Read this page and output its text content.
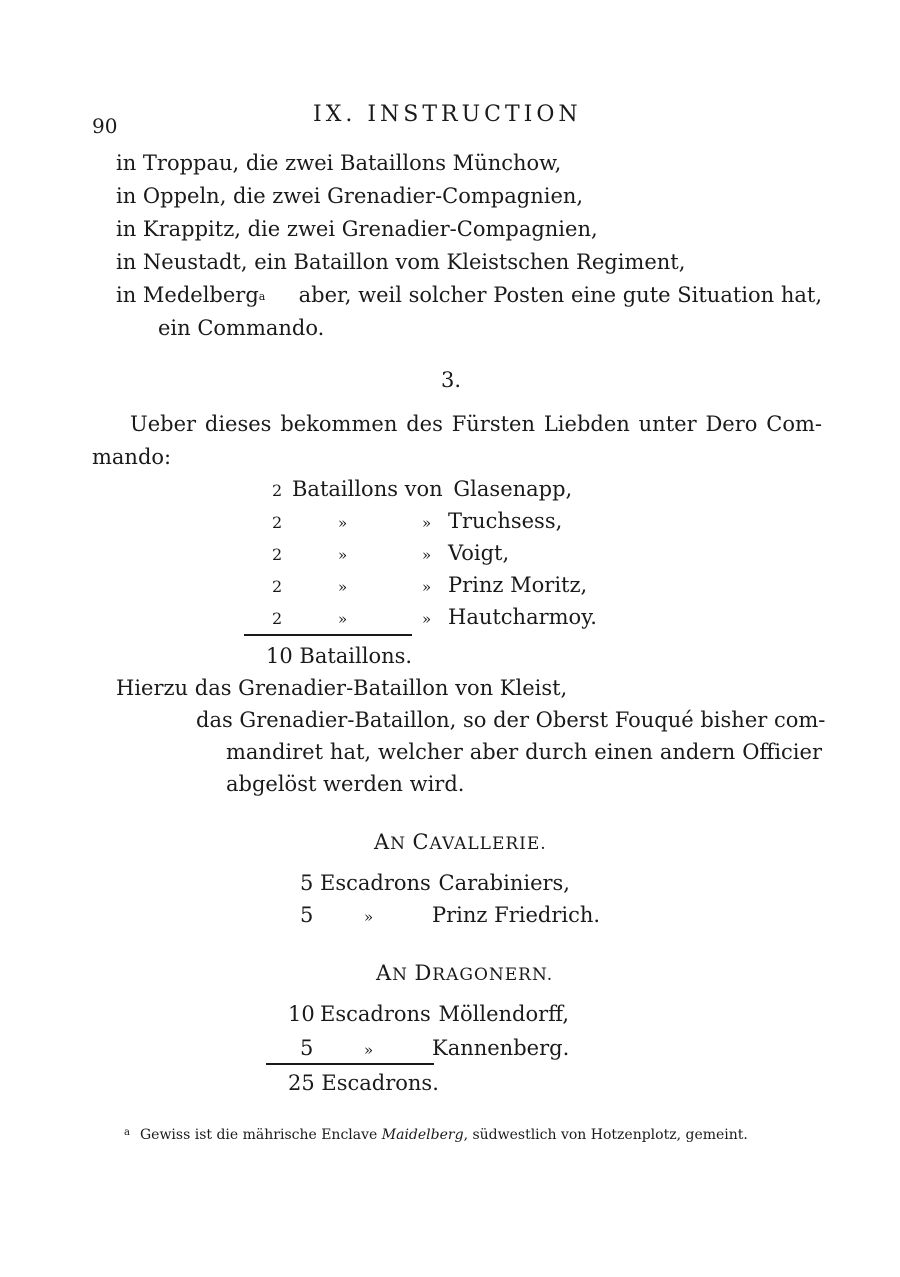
90	IX. INSTRUCTION
in Troppau, die zwei Bataillons Münchow,
in Oppeln, die zwei Grenadier-Compagnien,
in Krappitz, die zwei Grenadier-Compagnien,
in Neustadt, ein Bataillon vom Kleistschen Regiment,
in Medelberg$^a$ aber, weil solcher Posten eine gute Situation hat,
ein Commando.
3.
Ueber dieses bekommen des Fürsten Liebden unter Dero Com-
mando:
2 Bataillons von Glasenapp,
2	»	» Truchsess,
2	»	» Voigt,
2	»	» Prinz Moritz,
2	»	» Hautcharmoy.
10 Bataillons.
Hierzu das Grenadier-Bataillon von Kleist,
das Grenadier-Bataillon, so der Oberst Fouqué bisher com-
mandiret hat, welcher aber durch einen andern Officier
abgelöst werden wird.
AN CAVALLERIE.
5 Escadrons Carabiniers,
5	»	Prinz Friedrich.
AN DRAGONERN.
10 Escadrons Möllendorff,
5	»	Kannenberg.
25 Escadrons.
$^a$ Gewiss ist die mährische Enclave Maidelberg, südwestlich von Hotzenplotz, gemeint.
